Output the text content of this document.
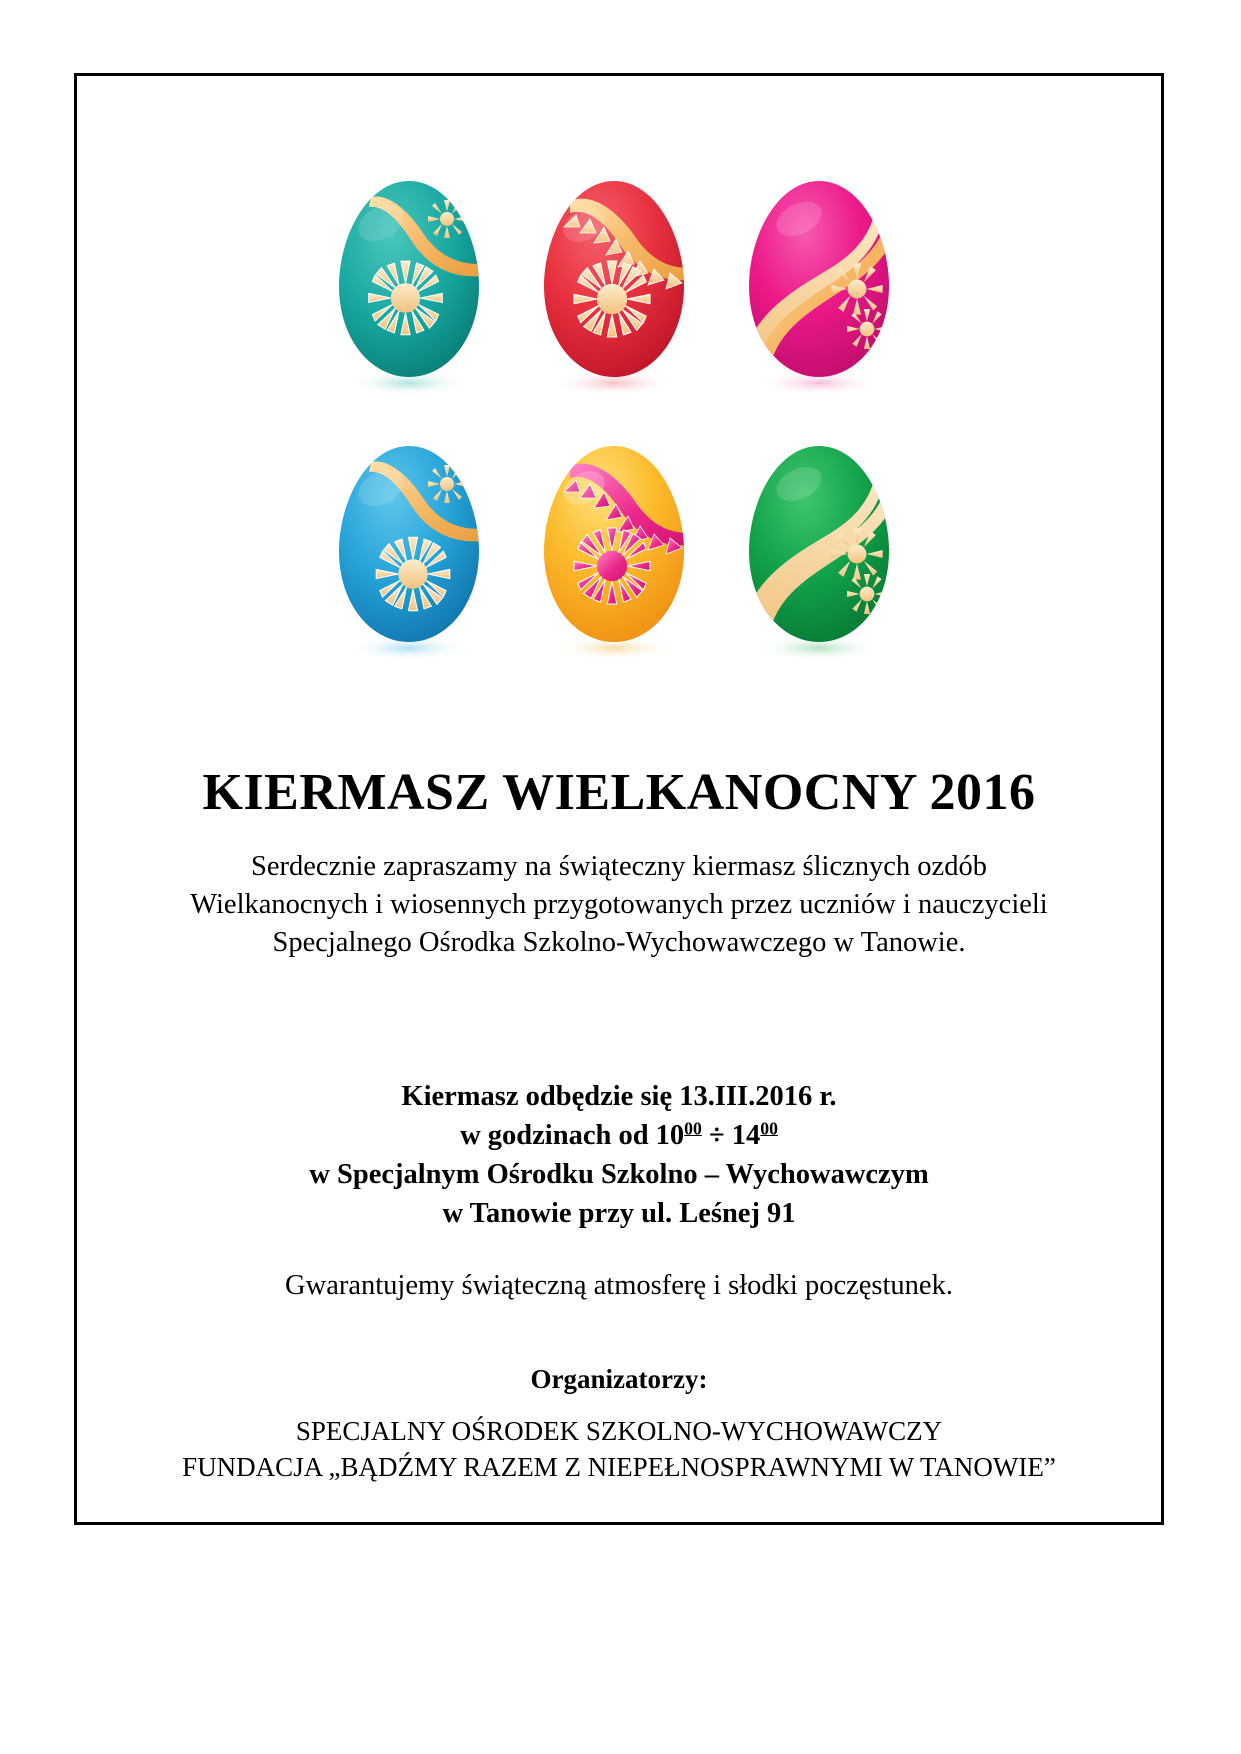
KIERMASZ WIELKANOCNY 2016
Serdecznie zapraszamy na świąteczny kiermasz ślicznych ozdób
Wielkanocnych i wiosennych przygotowanych przez uczniów i nauczycieli
Specjalnego Ośrodka Szkolno-Wychowawczego w Tanowie.
Kiermasz odbędzie się 13.III.2016 r.
w godzinach od $10^{00} \div 14^{00}$
w Specjalnym Ośrodku Szkolno – Wychowawczym
w Tanowie przy ul. Leśnej 91
Gwarantujemy świąteczną atmosferę i słodki poczęstunek.
Organizatorzy:
SPECJALNY OŚRODEK SZKOLNO-WYCHOWAWCZY
FUNDACJA „BĄDŹMY RAZEM Z NIEPEŁNOSPRAWNYMI W TANOWIE”
